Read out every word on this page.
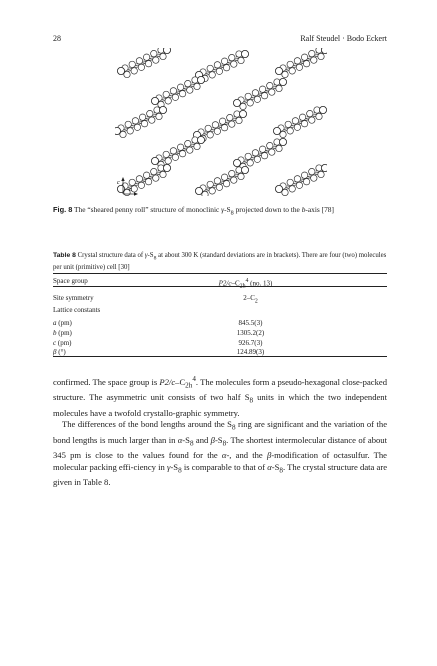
28	Ralf Steudel · Bodo Eckert
c
a
Fig. 8 The “sheared penny roll” structure of monoclinic $\gamma-S_8$ projected down to the b-axis [78]
Table 8 Crystal structure data of $\gamma-S_8$ at about 300 K (standard deviations are in brackets). There are four (two) molecules per unit (primitive) cell [30]
Space group	$P2/c-C_{2h}^4$ (no. 13)
Site symmetry	$2-C_2$
Lattice constants
a (pm)	845.5(3)
b (pm)	1305.2(2)
c (pm)	926.7(3)
β (°)	124.89(3)

confirmed. The space group is $P2/c-C_{2h}^4$. The molecules form a pseudo-hexagonal close-packed structure. The asymmetric unit consists of two half $S_8$ units in which the two independent molecules have a twofold crystallo-graphic symmetry.

The differences of the bond lengths around the $S_8$ ring are significant and the variation of the bond lengths is much larger than in $\alpha-S_8$ and $\beta-S_8$. The shortest intermolecular distance of about 345 pm is close to the values found for the α-, and the β-modification of octasulfur. The molecular packing effi-ciency in $\gamma-S_8$ is comparable to that of $\alpha-S_8$. The crystal structure data are given in Table 8.
